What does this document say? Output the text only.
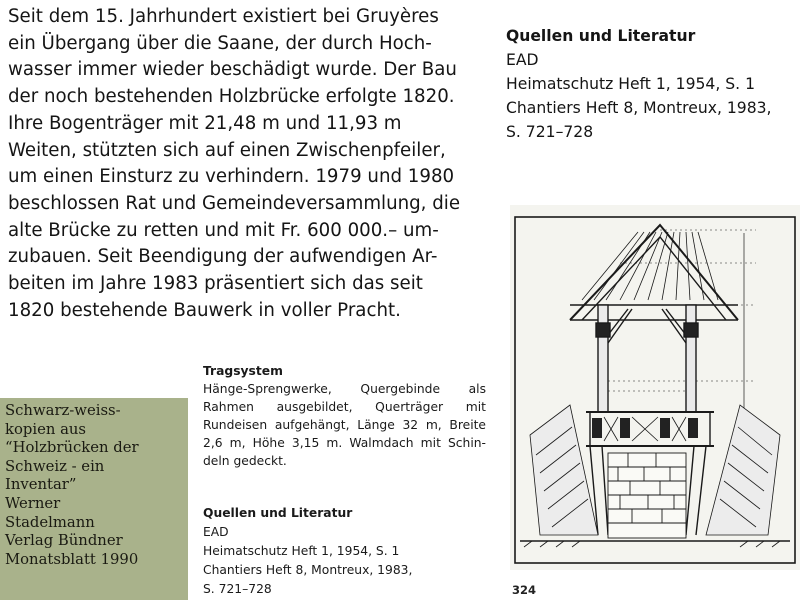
Seit dem 15. Jahrhundert existiert bei Gruyères
ein Übergang über die Saane, der durch Hoch-
wasser immer wieder beschädigt wurde. Der Bau
der noch bestehenden Holzbrücke erfolgte 1820.
Ihre Bogenträger mit 21,48 m und 11,93 m
Weiten, stützten sich auf einen Zwischenpfeiler,
um einen Einsturz zu verhindern. 1979 und 1980
beschlossen Rat und Gemeindeversammlung, die
alte Brücke zu retten und mit Fr. 600 000.– um-
zubauen. Seit Beendigung der aufwendigen Ar-
beiten im Jahre 1983 präsentiert sich das seit
1820 bestehende Bauwerk in voller Pracht.

Quellen und Literatur
EAD
Heimatschutz Heft 1, 1954, S. 1
Chantiers Heft 8, Montreux, 1983,
S. 721–728
324
Schwarz-weiss-
kopien aus
“Holzbrücken der
Schweiz - ein
Inventar”
Werner
Stadelmann
Verlag Bündner
Monatsblatt 1990
Tragsystem
Hänge-Sprengwerke, Quergebinde als
Rahmen ausgebildet, Querträger mit
Rundeisen aufgehängt, Länge 32 m, Breite
2,6 m, Höhe 3,15 m. Walmdach mit Schin-
deln gedeckt.
Quellen und Literatur
EAD
Heimatschutz Heft 1, 1954, S. 1
Chantiers Heft 8, Montreux, 1983,
S. 721–728
